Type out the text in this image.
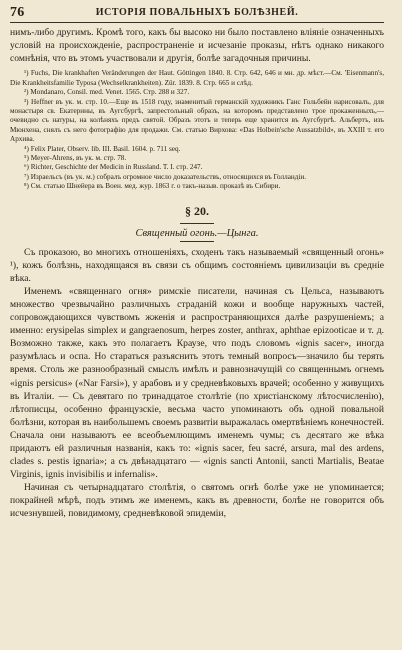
76	ИСТОРІЯ ПОВАЛЬНЫХЪ БОЛѢЗНЕЙ.

нимъ-либо другимъ. Кромѣ того, какъ бы высоко ни было поставлено вліяніе означенныхъ условій на происхожденіе, распространеніе и исчезаніе проказы, нѣтъ однако никакого сомнѣнія, что въ этомъ участвовали и другія, болѣе загадочныя причины.

¹) Fuchs, Die krankhaften Veränderungen der Haut. Göttingen 1840. 8. Стр. 642, 646 и мн. др. мѣст.—См. 'Eisenmann's, Die Krankheitsfamilie Typosa (Wechselkrankheiten). Zür. 1839. 8. Стр. 665 и слѣд.

²) Mondanaro, Consil. med. Venet. 1565. Стр. 288 и 327.

³) Heffner въ ук. м. стр. 10.—Еще въ 1518 году, знаменитый германскій художникъ Ганс Гольбейн нарисовалъ, для монастыря св. Екатерины, въ Аугсбургѣ, запрестольный образъ, на которомъ представлено трое прокаженныхъ,—очевидно съ натуры, на колѣняхъ предъ святой. Образъ этотъ и теперь еще хранится въ Аугсбургѣ. Альбертъ, изъ Мюнхена, снялъ съ него фотографію для продажи. См. статью Вирхова: «Das Holbein'sche Aussatzbild», въ XXIII т. его Архива.

⁴) Felix Plater, Observ. lib. III. Basil. 1604. p. 711 seq.

⁵) Meyer-Ahrens, въ ук. м. стр. 78.

⁶) Richter, Geschichte der Medicin in Russland. T. I. стр. 247.

⁷) Израельсъ (въ ук. м.) собралъ огромное число доказательствъ, относящихся въ Голландіи.

⁸) См. статью Шнейера въ Воен. мед. жур. 1863 г. о такъ-назыв. проказѣ въ Сибири.

§ 20.
Священный огонь.—Цынга.

Съ проказою, во многихъ отношеніяхъ, сходенъ такъ называемый «священный огонь» ¹), кожъ болѣзнь, находящаяся въ связи съ общимъ состояніемъ цивилизаціи въ средніе вѣка.

Именемъ «священнаго огня» римскіе писатели, начиная съ Цельса, называютъ множество чрезвычайно различныхъ страданій кожи и вообще наружныхъ частей, сопровождающихся чувствомъ жженія и распространяющихся далѣе разрушеніемъ; а именно: erysipelas simplex и gangraenosum, herpes zoster, anthrax, aphthae epizooticae и т. д. Возможно также, какъ это полагаетъ Краузе, что подъ словомъ «ignis sacer», иногда разумѣлась и оспа. Но стараться разъяснить этотъ темный вопросъ—значило бы терять время. Столь же разнообразный смыслъ имѣлъ и равнозначущій со священнымъ огнемъ «ignis persicus» («Nar Farsi»), у арабовъ и у средневѣковыхъ врачей; особенно у живущихъ въ Италіи. — Съ девятаго по тринадцатое столѣтіе (по христіанскому лѣтосчисленію), лѣтописцы, особенно французскіе, весьма часто упоминаютъ объ одной повальной болѣзни, которая въ наибольшемъ своемъ развитіи выражалась омертвѣніемъ конечностей. Сначала они называютъ ее всеобъемлющимъ именемъ чумы; съ десятаго же вѣка придаютъ ей различныя названія, какъ то: «ignis sacer, feu sacré, arsura, mal des ardens, clades s. pestis ignaria»; а съ двѣнадцатаго — «ignis sancti Antonii, sancti Martialis, Beatae Virginis, ignis invisibilis и infernalis».

Начиная съ четырнадцатаго столѣтія, о святомъ огнѣ болѣе уже не упоминается; покрайней мѣрѣ, подъ этимъ же именемъ, какъ въ древности, болѣе не говорится объ исчезнувшей, повидимому, средневѣковой эпидеміи,
